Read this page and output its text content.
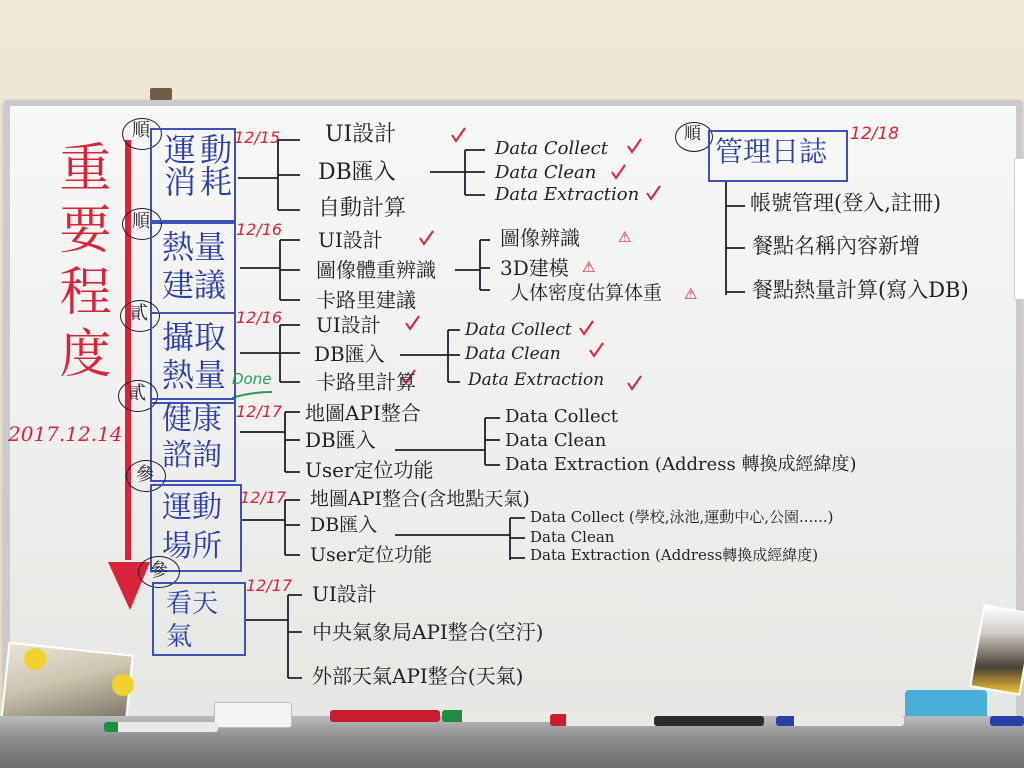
重要程度
2017.12.14
順
運動消耗
12/15 UI設計
DB匯入
自動計算
Data Collect
Data Clean
Data Extraction
順
熱量建議
12/16 UI設計
圖像體重辨識
卡路里建議
圖像辨識	⚠
3D建模 ⚠
人体密度估算体重 ⚠
貳
攝取熱量
12/16
Done
UI設計
DB匯入
卡路里計算
Data Collect
Data Clean
Data Extraction
貳
健康諮詢
12/17 地圖API整合
DB匯入
User定位功能
Data Collect
Data Clean
Data Extraction (Address 轉換成經緯度)
參
運動場所
12/17 地圖API整合(含地點天氣)
DB匯入
User定位功能
Data Collect (學校,泳池,運動中心,公園......)
Data Clean
Data Extraction (Address轉換成經緯度)
參
看天氣
12/17 UI設計
中央氣象局API整合(空汙)
外部天氣API整合(天氣)
順
管理日誌
12/18
帳號管理(登入,註冊)
餐點名稱內容新增
餐點熱量計算(寫入DB)
